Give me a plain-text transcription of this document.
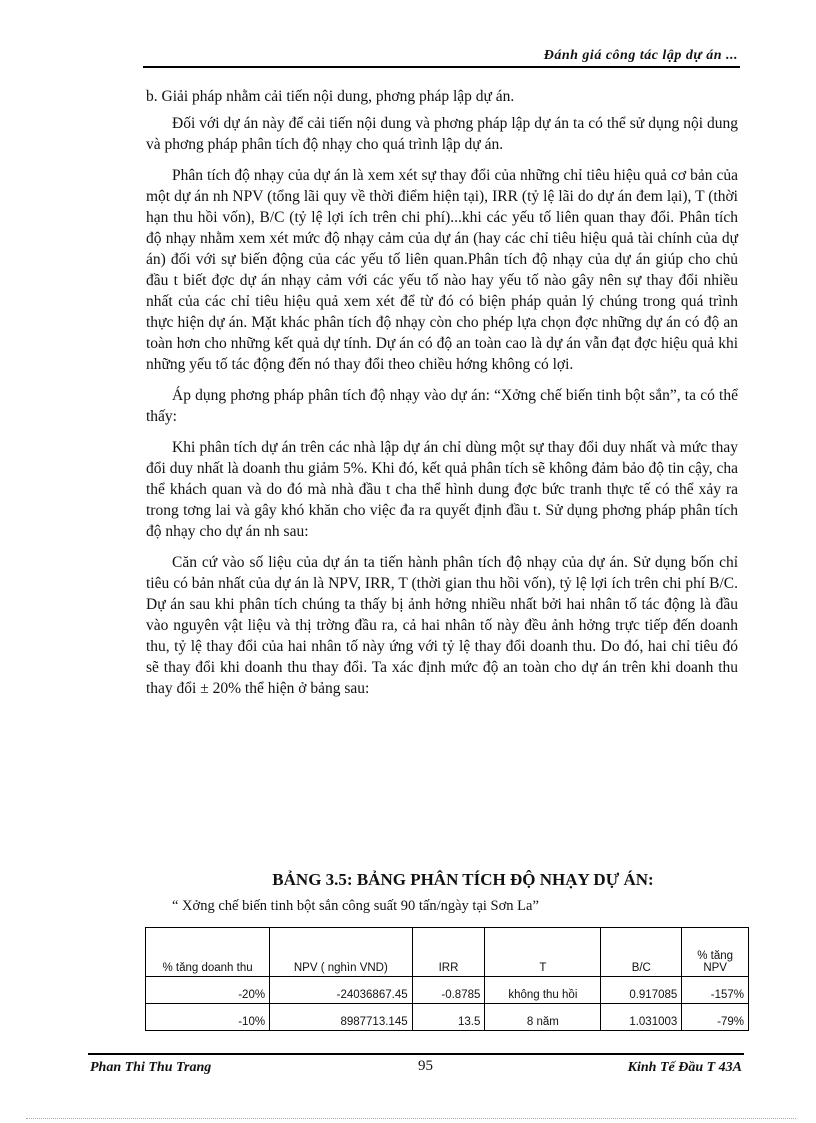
Đánh giá công tác lập dự án ...

b. Giải pháp nhằm cải tiến nội dung, phơng pháp lập dự án.

Đối với dự án này để cải tiến nội dung và phơng pháp lập dự án ta có thể sử dụng nội dung và phơng pháp phân tích độ nhạy cho quá trình lập dự án.

Phân tích độ nhạy của dự án là xem xét sự thay đổi của những chỉ tiêu hiệu quả cơ bản của một dự án nh NPV (tổng lãi quy về thời điểm hiện tại), IRR (tỷ lệ lãi do dự án đem lại), T (thời hạn thu hồi vốn), B/C (tỷ lệ lợi ích trên chi phí)...khi các yếu tố liên quan thay đổi. Phân tích độ nhạy nhằm xem xét mức độ nhạy cảm của dự án (hay các chỉ tiêu hiệu quả tài chính của dự án) đối với sự biến động của các yếu tố liên quan.Phân tích độ nhạy của dự án giúp cho chủ đầu t biết đợc dự án nhạy cảm với các yếu tố nào hay yếu tố nào gây nên sự thay đổi nhiều nhất của các chỉ tiêu hiệu quả xem xét để từ đó có biện pháp quản lý chúng trong quá trình thực hiện dự án. Mặt khác phân tích độ nhạy còn cho phép lựa chọn đợc những dự án có độ an toàn hơn cho những kết quả dự tính. Dự án có độ an toàn cao là dự án vẫn đạt đợc hiệu quả khi những yếu tố tác động đến nó thay đổi theo chiều hớng không có lợi.

Áp dụng phơng pháp phân tích độ nhạy vào dự án: “Xởng chế biến tinh bột sắn”, ta có thể thấy:

Khi phân tích dự án trên các nhà lập dự án chỉ dùng một sự thay đổi duy nhất và mức thay đổi duy nhất là doanh thu giảm 5%. Khi đó, kết quả phân tích sẽ không đảm bảo độ tin cậy, cha thể khách quan và do đó mà nhà đầu t cha thể hình dung đợc bức tranh thực tế có thể xảy ra trong tơng lai và gây khó khăn cho việc đa ra quyết định đầu t. Sử dụng phơng pháp phân tích độ nhạy cho dự án nh sau:

Căn cứ vào số liệu của dự án ta tiến hành phân tích độ nhạy của dự án. Sử dụng bốn chỉ tiêu có bản nhất của dự án là NPV, IRR, T (thời gian thu hồi vốn), tỷ lệ lợi ích trên chi phí B/C. Dự án sau khi phân tích chúng ta thấy bị ảnh hởng nhiều nhất bởi hai nhân tố tác động là đầu vào nguyên vật liệu và thị trờng đầu ra, cả hai nhân tố này đều ảnh hởng trực tiếp đến doanh thu, tỷ lệ thay đổi của hai nhân tố này ứng với tỷ lệ thay đổi doanh thu. Do đó, hai chỉ tiêu đó sẽ thay đổi khi doanh thu thay đổi. Ta xác định mức độ an toàn cho dự án trên khi doanh thu thay đổi ± 20% thể hiện ở bảng sau:

BẢNG 3.5: BẢNG PHÂN TÍCH ĐỘ NHẠY DỰ ÁN:
“ Xởng chế biến tinh bột sắn công suất 90 tấn/ngày tại Sơn La”
% tăng doanh thu	NPV ( nghìn VND)	IRR	T	B/C	% tăng NPV
-20%	-24036867.45	-0.8785	không thu hồi	0.917085	-157%
-10%	8987713.145	13.5	8 năm	1.031003	-79%
Phan Thi Thu Trang	95	Kinh Tế Đầu T 43A
